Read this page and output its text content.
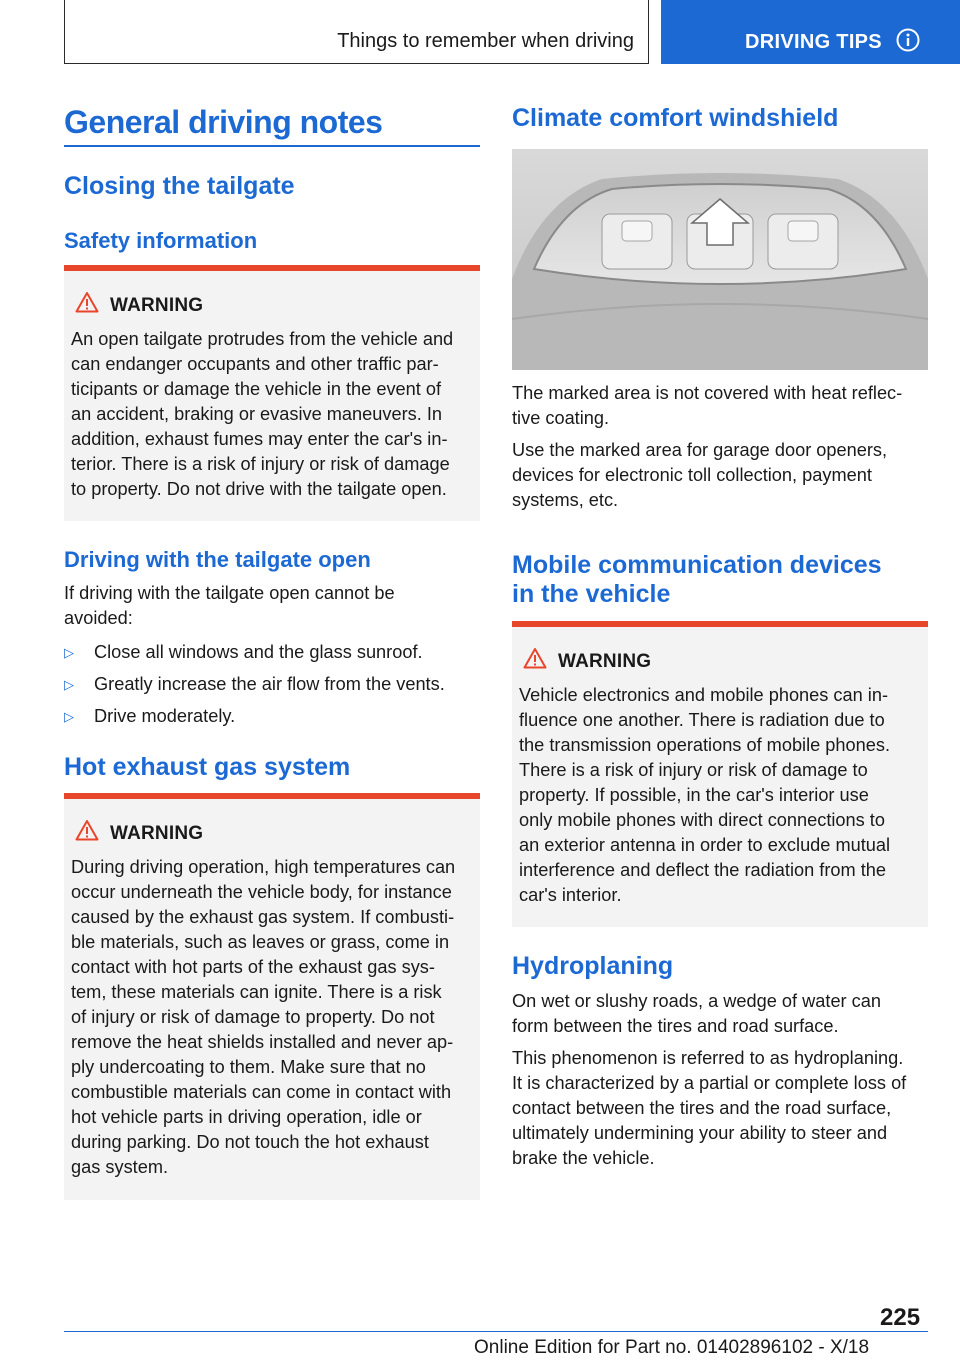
Things to remember when driving	DRIVING TIPS
General driving notes
Closing the tailgate
Safety information
WARNING
An open tailgate protrudes from the vehicle and
can endanger occupants and other traffic par-
ticipants or damage the vehicle in the event of
an accident, braking or evasive maneuvers. In
addition, exhaust fumes may enter the car's in-
terior. There is a risk of injury or risk of damage
to property. Do not drive with the tailgate open.
Driving with the tailgate open
If driving with the tailgate open cannot be
avoided:
▷ Close all windows and the glass sunroof.
▷ Greatly increase the air flow from the vents.
▷ Drive moderately.
Hot exhaust gas system
WARNING
During driving operation, high temperatures can
occur underneath the vehicle body, for instance
caused by the exhaust gas system. If combusti-
ble materials, such as leaves or grass, come in
contact with hot parts of the exhaust gas sys-
tem, these materials can ignite. There is a risk
of injury or risk of damage to property. Do not
remove the heat shields installed and never ap-
ply undercoating to them. Make sure that no
combustible materials can come in contact with
hot vehicle parts in driving operation, idle or
during parking. Do not touch the hot exhaust
gas system.
Climate comfort windshield
The marked area is not covered with heat reflec-
tive coating.
Use the marked area for garage door openers,
devices for electronic toll collection, payment
systems, etc.
Mobile communication devices
in the vehicle
WARNING
Vehicle electronics and mobile phones can in-
fluence one another. There is radiation due to
the transmission operations of mobile phones.
There is a risk of injury or risk of damage to
property. If possible, in the car's interior use
only mobile phones with direct connections to
an exterior antenna in order to exclude mutual
interference and deflect the radiation from the
car's interior.
Hydroplaning
On wet or slushy roads, a wedge of water can
form between the tires and road surface.
This phenomenon is referred to as hydroplaning.
It is characterized by a partial or complete loss of
contact between the tires and the road surface,
ultimately undermining your ability to steer and
brake the vehicle.
225
Online Edition for Part no. 01402896102 - X/18
